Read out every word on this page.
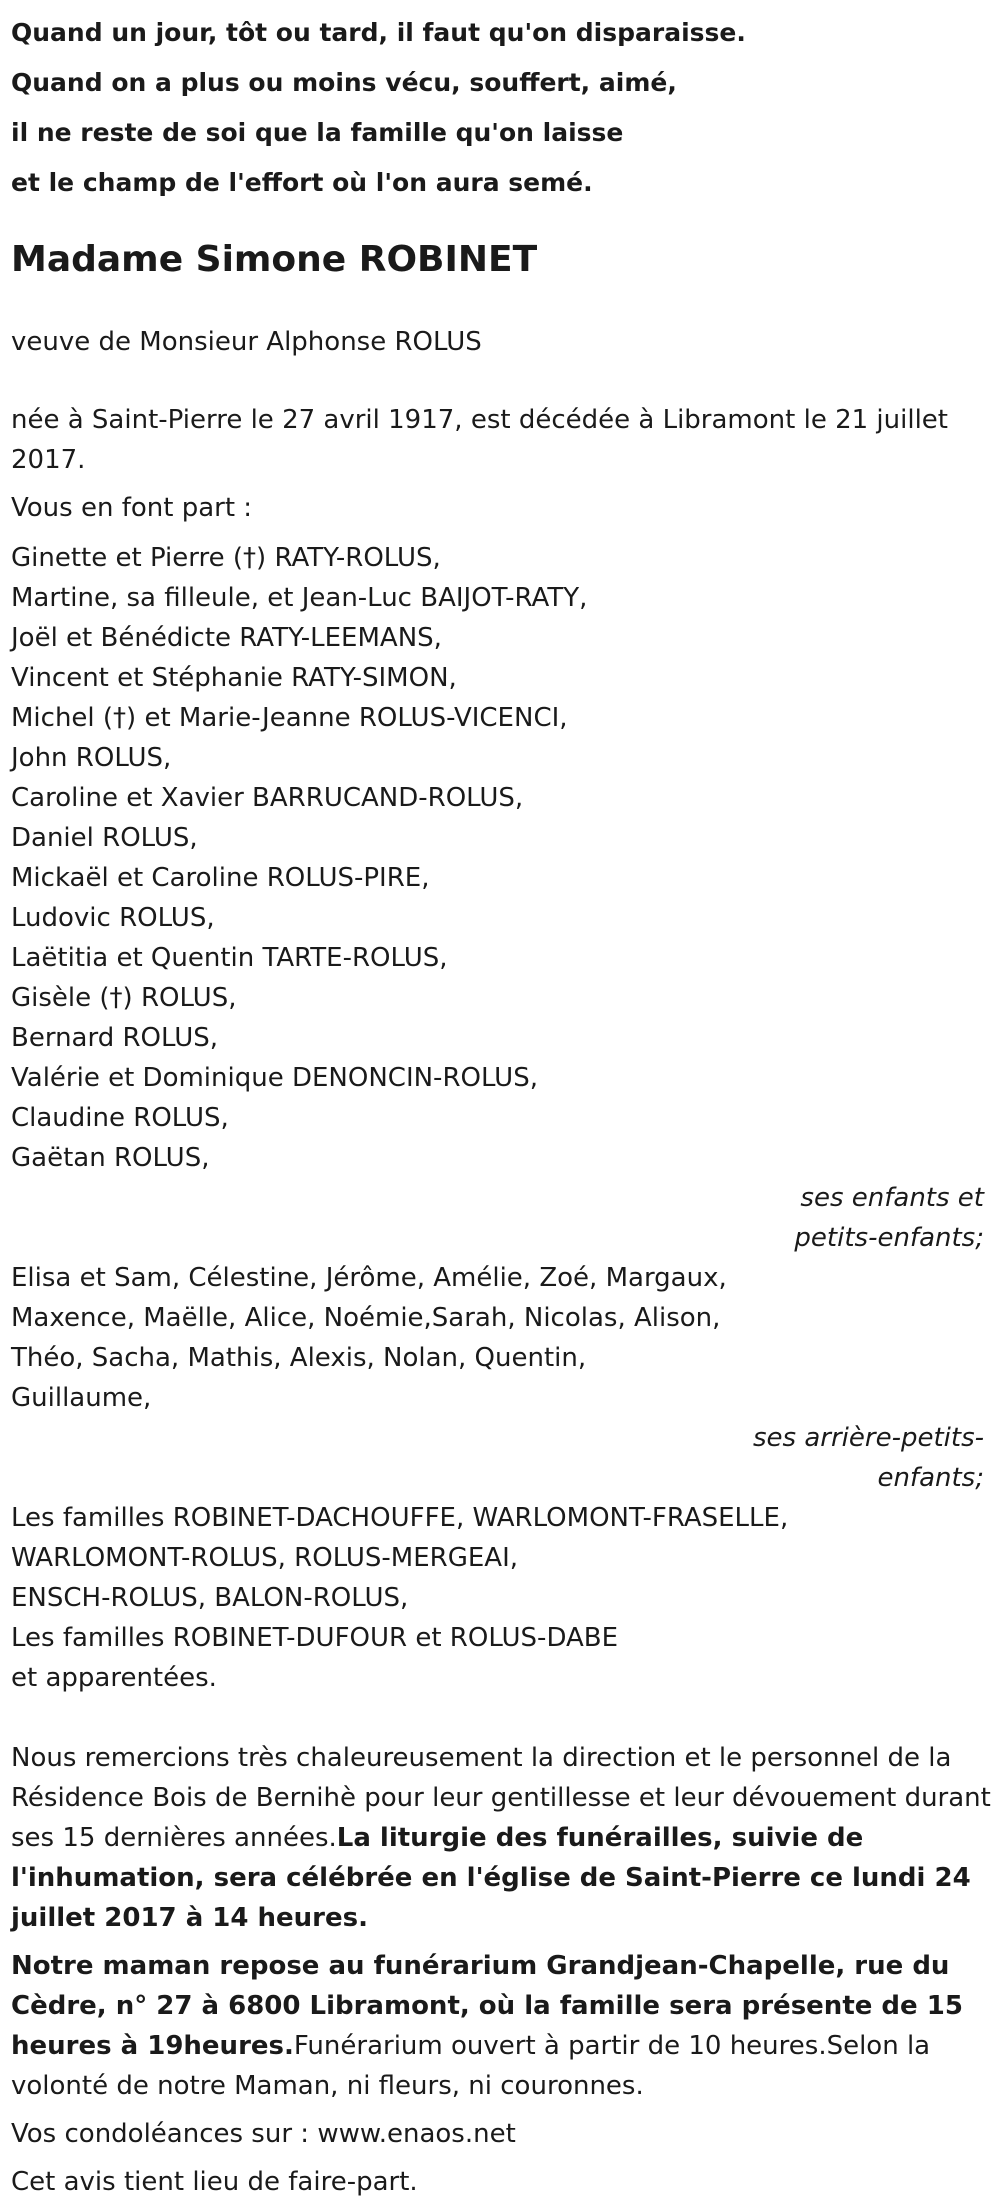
Quand un jour, tôt ou tard, il faut qu'on disparaisse.
Quand on a plus ou moins vécu, souffert, aimé,
il ne reste de soi que la famille qu'on laisse
et le champ de l'effort où l'on aura semé.
Madame Simone ROBINET
veuve de Monsieur Alphonse ROLUS
née à Saint-Pierre le 27 avril 1917, est décédée à Libramont le 21 juillet 2017.
Vous en font part :
Ginette et Pierre (†) RATY-ROLUS,
Martine, sa filleule, et Jean-Luc BAIJOT-RATY,
Joël et Bénédicte RATY-LEEMANS,
Vincent et Stéphanie RATY-SIMON,
Michel (†) et Marie-Jeanne ROLUS-VICENCI,
John ROLUS,
Caroline et Xavier BARRUCAND-ROLUS,
Daniel ROLUS,
Mickaël et Caroline ROLUS-PIRE,
Ludovic ROLUS,
Laëtitia et Quentin TARTE-ROLUS,
Gisèle (†) ROLUS,
Bernard ROLUS,
Valérie et Dominique DENONCIN-ROLUS,
Claudine ROLUS,
Gaëtan ROLUS,
ses enfants et
petits-enfants;
Elisa et Sam, Célestine, Jérôme, Amélie, Zoé, Margaux,
Maxence, Maëlle, Alice, Noémie,Sarah, Nicolas, Alison,
Théo, Sacha, Mathis, Alexis, Nolan, Quentin,
Guillaume,
ses arrière-petits-
enfants;
Les familles ROBINET-DACHOUFFE, WARLOMONT-FRASELLE,
WARLOMONT-ROLUS, ROLUS-MERGEAI,
ENSCH-ROLUS, BALON-ROLUS,
Les familles ROBINET-DUFOUR et ROLUS-DABE
et apparentées.
Nous remercions très chaleureusement la direction et le personnel de la Résidence Bois de Bernihè pour leur gentillesse et leur dévouement durant ses 15 dernières années.La liturgie des funérailles, suivie de l'inhumation, sera célébrée en l'église de Saint-Pierre ce lundi 24 juillet 2017 à 14 heures.
Notre maman repose au funérarium Grandjean-Chapelle, rue du Cèdre, n° 27 à 6800 Libramont, où la famille sera présente de 15 heures à 19heures.Funérarium ouvert à partir de 10 heures.Selon la volonté de notre Maman, ni fleurs, ni couronnes.
Vos condoléances sur : www.enaos.net
Cet avis tient lieu de faire-part.
